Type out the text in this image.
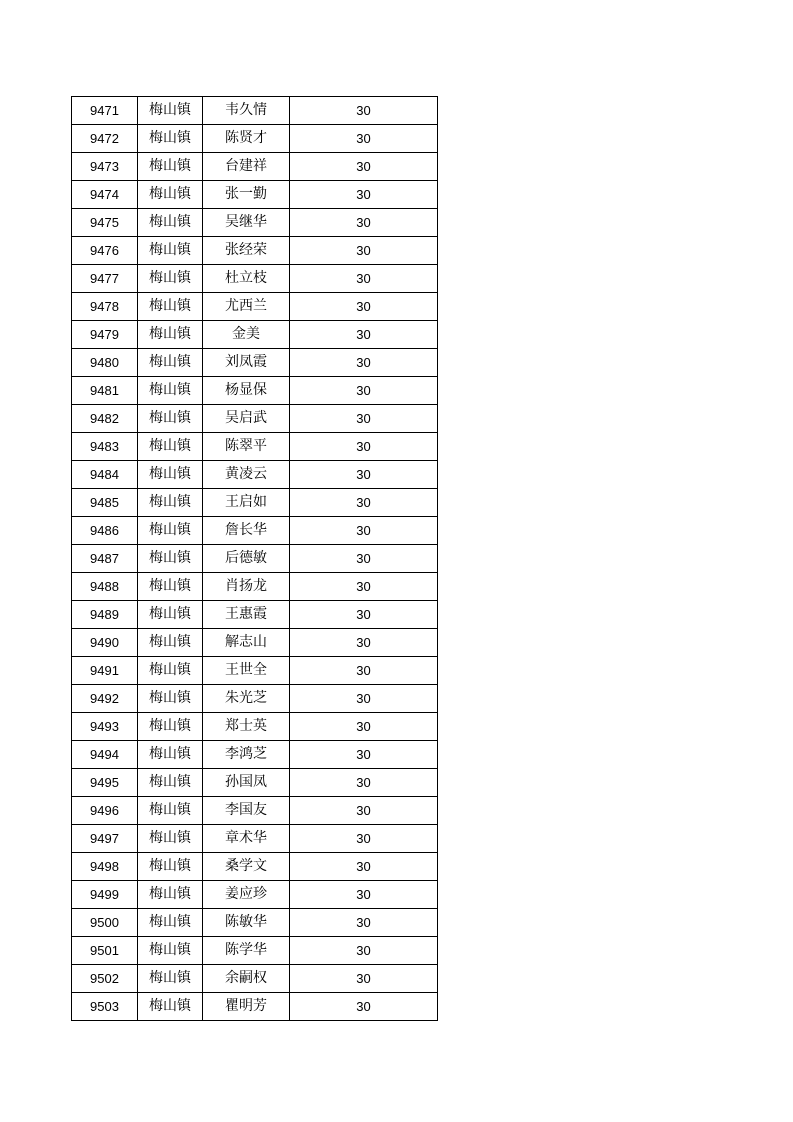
9471	梅山镇	韦久情	30
9472	梅山镇	陈贤才	30
9473	梅山镇	台建祥	30
9474	梅山镇	张一勤	30
9475	梅山镇	吴继华	30
9476	梅山镇	张经荣	30
9477	梅山镇	杜立枝	30
9478	梅山镇	尤西兰	30
9479	梅山镇	金美	30
9480	梅山镇	刘凤霞	30
9481	梅山镇	杨显保	30
9482	梅山镇	吴启武	30
9483	梅山镇	陈翠平	30
9484	梅山镇	黄凌云	30
9485	梅山镇	王启如	30
9486	梅山镇	詹长华	30
9487	梅山镇	后德敏	30
9488	梅山镇	肖扬龙	30
9489	梅山镇	王惠霞	30
9490	梅山镇	解志山	30
9491	梅山镇	王世全	30
9492	梅山镇	朱光芝	30
9493	梅山镇	郑士英	30
9494	梅山镇	李鸿芝	30
9495	梅山镇	孙国凤	30
9496	梅山镇	李国友	30
9497	梅山镇	章术华	30
9498	梅山镇	桑学文	30
9499	梅山镇	姜应珍	30
9500	梅山镇	陈敏华	30
9501	梅山镇	陈学华	30
9502	梅山镇	余嗣权	30
9503	梅山镇	瞿明芳	30
